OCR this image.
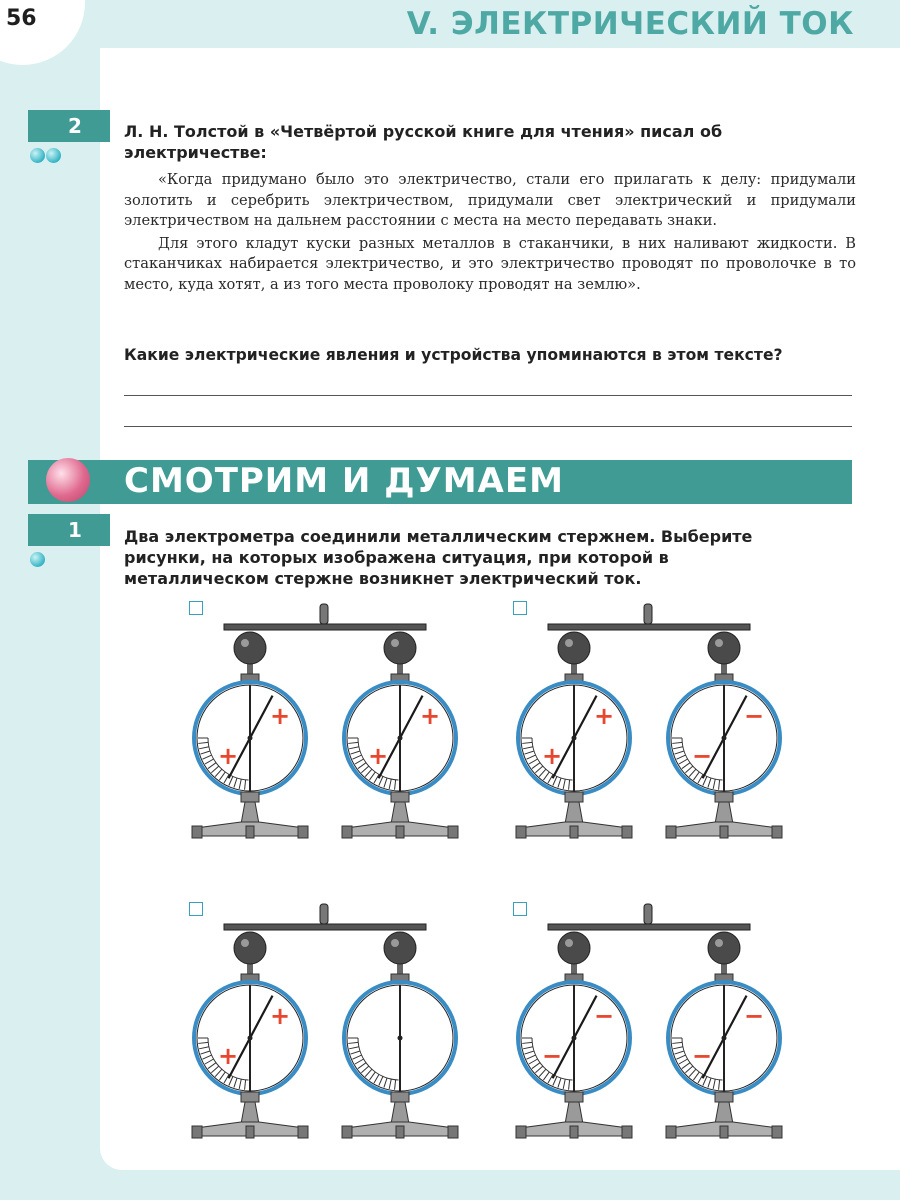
56	V. ЭЛЕКТРИЧЕСКИЙ ТОК
2	Л. Н. Толстой в «Четвёртой русской книге для чтения» писал об электричестве:

«Когда придумано было это электричество, стали его прилагать к делу: придумали золотить и серебрить электричеством, придумали свет электрический и придумали электричеством на дальнем расстоянии с места на место передавать знаки.

Для этого кладут куски разных металлов в стаканчики, в них наливают жидкости. В стаканчиках набирается электричество, и это электричество проводят по проволочке в то место, куда хотят, а из того места проволоку проводят на землю».

Какие электрические явления и устройства упоминаются в этом тексте?
СМОТРИМ И ДУМАЕМ
1	Два электрометра соединили металлическим стержнем. Выберите рисунки, на которых изображена ситуация, при которой в металлическом стержне возникнет электрический ток.
+
+
+
+
+
+
−
−
+
+
−
−
−
−
